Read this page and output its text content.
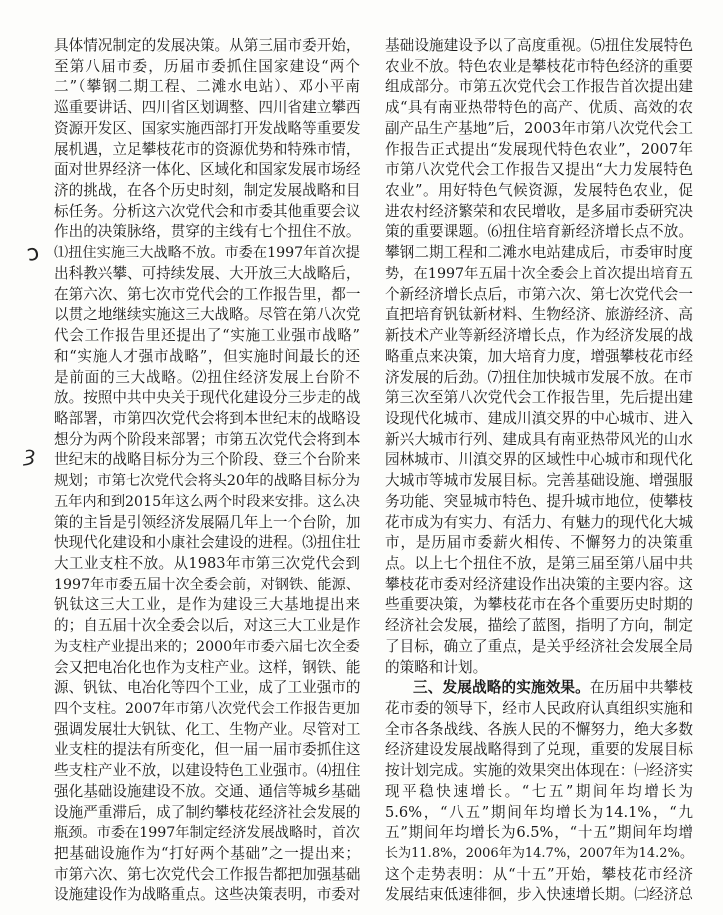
ↄ
ȝ
具体情况制定的发展决策。从第三届市委开始，
至第八届市委，历届市委抓住国家建设“两个
二”（攀钢二期工程、二滩水电站）、邓小平南
巡重要讲话、四川省区划调整、四川省建立攀西
资源开发区、国家实施西部打开发战略等重要发
展机遇，立足攀枝花市的资源优势和特殊市情，
面对世界经济一体化、区域化和国家发展市场经
济的挑战，在各个历史时刻，制定发展战略和目
标任务。分析这六次党代会和市委其他重要会议
作出的决策脉络，贯穿的主线有七个扭住不放。
⑴扭住实施三大战略不放。市委在1997年首次提
出科教兴攀、可持续发展、大开放三大战略后，
在第六次、第七次市党代会的工作报告里，都一
以贯之地继续实施这三大战略。尽管在第八次党
代会工作报告里还提出了“实施工业强市战略”
和“实施人才强市战略”，但实施时间最长的还
是前面的三大战略。⑵扭住经济发展上台阶不
放。按照中共中央关于现代化建设分三步走的战
略部署，市第四次党代会将到本世纪末的战略设
想分为两个阶段来部署；市第五次党代会将到本
世纪末的战略目标分为三个阶段、登三个台阶来
规划；市第七次党代会将头20年的战略目标分为
五年内和到2015年这么两个时段来安排。这么决
策的主旨是引领经济发展隔几年上一个台阶，加
快现代化建设和小康社会建设的进程。⑶扭住壮
大工业支柱不放。从1983年市第三次党代会到
1997年市委五届十次全委会前，对钢铁、能源、
钒钛这三大工业，是作为建设三大基地提出来
的；自五届十次全委会以后，对这三大工业是作
为支柱产业提出来的；2000年市委六届七次全委
会又把电冶化也作为支柱产业。这样，钢铁、能
源、钒钛、电冶化等四个工业，成了工业强市的
四个支柱。2007年市第八次党代会工作报告更加
强调发展壮大钒钛、化工、生物产业。尽管对工
业支柱的提法有所变化，但一届一届市委抓住这
些支柱产业不放，以建设特色工业强市。⑷扭住
强化基础设施建设不放。交通、通信等城乡基础
设施严重滞后，成了制约攀枝花经济社会发展的
瓶颈。市委在1997年制定经济发展战略时，首次
把基础设施作为“打好两个基础”之一提出来；
市第六次、第七次党代会工作报告都把加强基础
设施建设作为战略重点。这些决策表明，市委对
基础设施建设予以了高度重视。⑸扭住发展特色
农业不放。特色农业是攀枝花市特色经济的重要
组成部分。市第五次党代会工作报告首次提出建
成“具有南亚热带特色的高产、优质、高效的农
副产品生产基地”后，2003年市第八次党代会工
作报告正式提出“发展现代特色农业”，2007年
市第八次党代会工作报告又提出“大力发展特色
农业”。用好特色气候资源，发展特色农业，促
进农村经济繁荣和农民增收，是多届市委研究决
策的重要课题。⑹扭住培育新经济增长点不放。
攀钢二期工程和二滩水电站建成后，市委审时度
势，在1997年五届十次全委会上首次提出培育五
个新经济增长点后，市第六次、第七次党代会一
直把培育钒钛新材料、生物经济、旅游经济、高
新技术产业等新经济增长点，作为经济发展的战
略重点来决策，加大培育力度，增强攀枝花市经
济发展的后劲。⑺扭住加快城市发展不放。在市
第三次至第八次党代会工作报告里，先后提出建
设现代化城市、建成川滇交界的中心城市、进入
新兴大城市行列、建成具有南亚热带风光的山水
园林城市、川滇交界的区域性中心城市和现代化
大城市等城市发展目标。完善基础设施、增强服
务功能、突显城市特色、提升城市地位，使攀枝
花市成为有实力、有活力、有魅力的现代化大城
市，是历届市委薪火相传、不懈努力的决策重
点。以上七个扭住不放，是第三届至第八届中共
攀枝花市委对经济建设作出决策的主要内容。这
些重要决策，为攀枝花市在各个重要历史时期的
经济社会发展，描绘了蓝图，指明了方向，制定
了目标，确立了重点，是关乎经济社会发展全局
的策略和计划。
三、发展战略的实施效果。在历届中共攀枝
花市委的领导下，经市人民政府认真组织实施和
全市各条战线、各族人民的不懈努力，绝大多数
经济建设发展战略得到了兑现，重要的发展目标
按计划完成。实施的效果突出体现在：㈠经济实
现平稳快速增长。“七五”期间年均增长为
5.6%，“八五”期间年均增长为14.1%，“九
五”期间年均增长为6.5%，“十五”期间年均增
长为11.8%，2006年为14.7%，2007年为14.2%。
这个走势表明：从“十五”开始，攀枝花市经济
发展结束低速徘徊，步入快速增长期。㈡经济总
